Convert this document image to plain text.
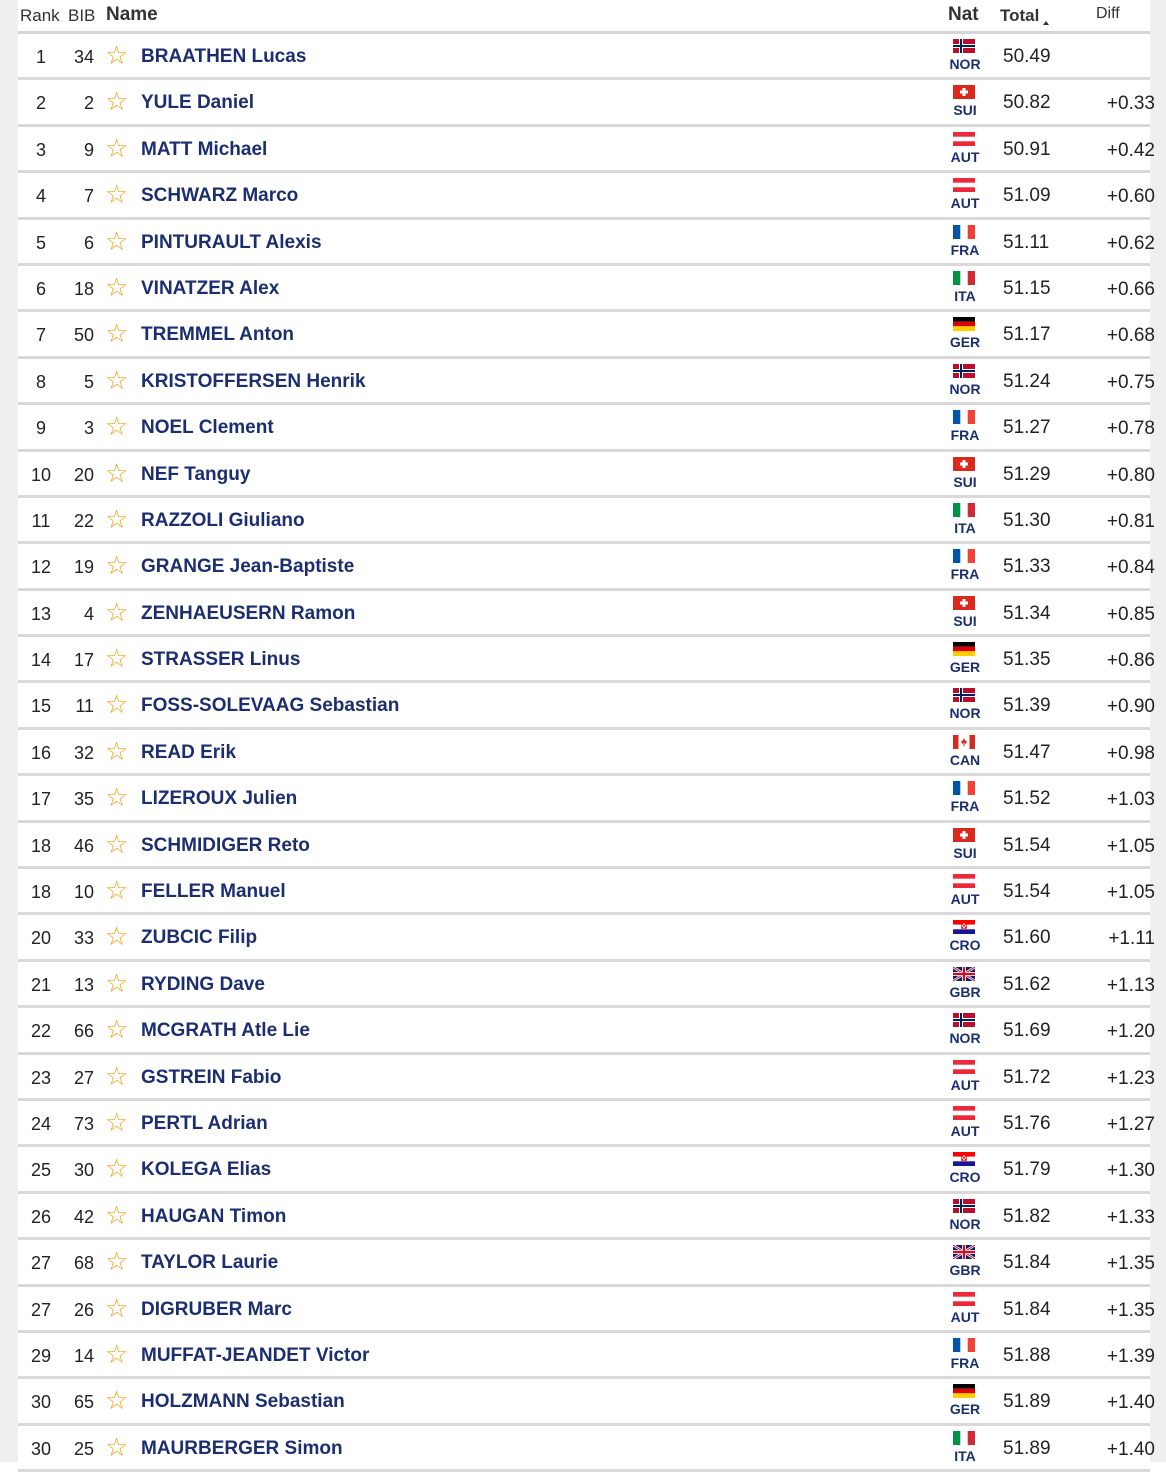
Rank BIB Name	Nat Total	Diff
1	34 ☆ BRAATHEN Lucas	NOR	50.49
2	2 ☆ YULE Daniel	SUI	50.82	+0.33
3	9 ☆ MATT Michael	AUT	50.91	+0.42
4	7 ☆ SCHWARZ Marco	AUT	51.09	+0.60
5	6 ☆ PINTURAULT Alexis	FRA	51.11	+0.62
6	18 ☆ VINATZER Alex	ITA	51.15	+0.66
7	50 ☆ TREMMEL Anton	GER	51.17	+0.68
8	5 ☆ KRISTOFFERSEN Henrik	NOR	51.24	+0.75
9	3 ☆ NOEL Clement	FRA	51.27	+0.78
10	20 ☆ NEF Tanguy	SUI	51.29	+0.80
11	22 ☆ RAZZOLI Giuliano	ITA	51.30	+0.81
12	19 ☆ GRANGE Jean-Baptiste	FRA	51.33	+0.84
13	4 ☆ ZENHAEUSERN Ramon	SUI	51.34	+0.85
14	17 ☆ STRASSER Linus	GER	51.35	+0.86
15	11 ☆ FOSS-SOLEVAAG Sebastian	NOR	51.39	+0.90
16	32 ☆ READ Erik	CAN	51.47	+0.98
17	35 ☆ LIZEROUX Julien	FRA	51.52	+1.03
18	46 ☆ SCHMIDIGER Reto	SUI	51.54	+1.05
18	10 ☆ FELLER Manuel	AUT	51.54	+1.05
20	33 ☆ ZUBCIC Filip	CRO	51.60	+1.11
21	13 ☆ RYDING Dave	GBR	51.62	+1.13
22	66 ☆ MCGRATH Atle Lie	NOR	51.69	+1.20
23	27 ☆ GSTREIN Fabio	AUT	51.72	+1.23
24	73 ☆ PERTL Adrian	AUT	51.76	+1.27
25	30 ☆ KOLEGA Elias	CRO	51.79	+1.30
26	42 ☆ HAUGAN Timon	NOR	51.82	+1.33
27	68 ☆ TAYLOR Laurie	GBR	51.84	+1.35
27	26 ☆ DIGRUBER Marc	AUT	51.84	+1.35
29	14 ☆ MUFFAT-JEANDET Victor	FRA	51.88	+1.39
30	65 ☆ HOLZMANN Sebastian	GER	51.89	+1.40
30	25 ☆ MAURBERGER Simon	ITA	51.89	+1.40
